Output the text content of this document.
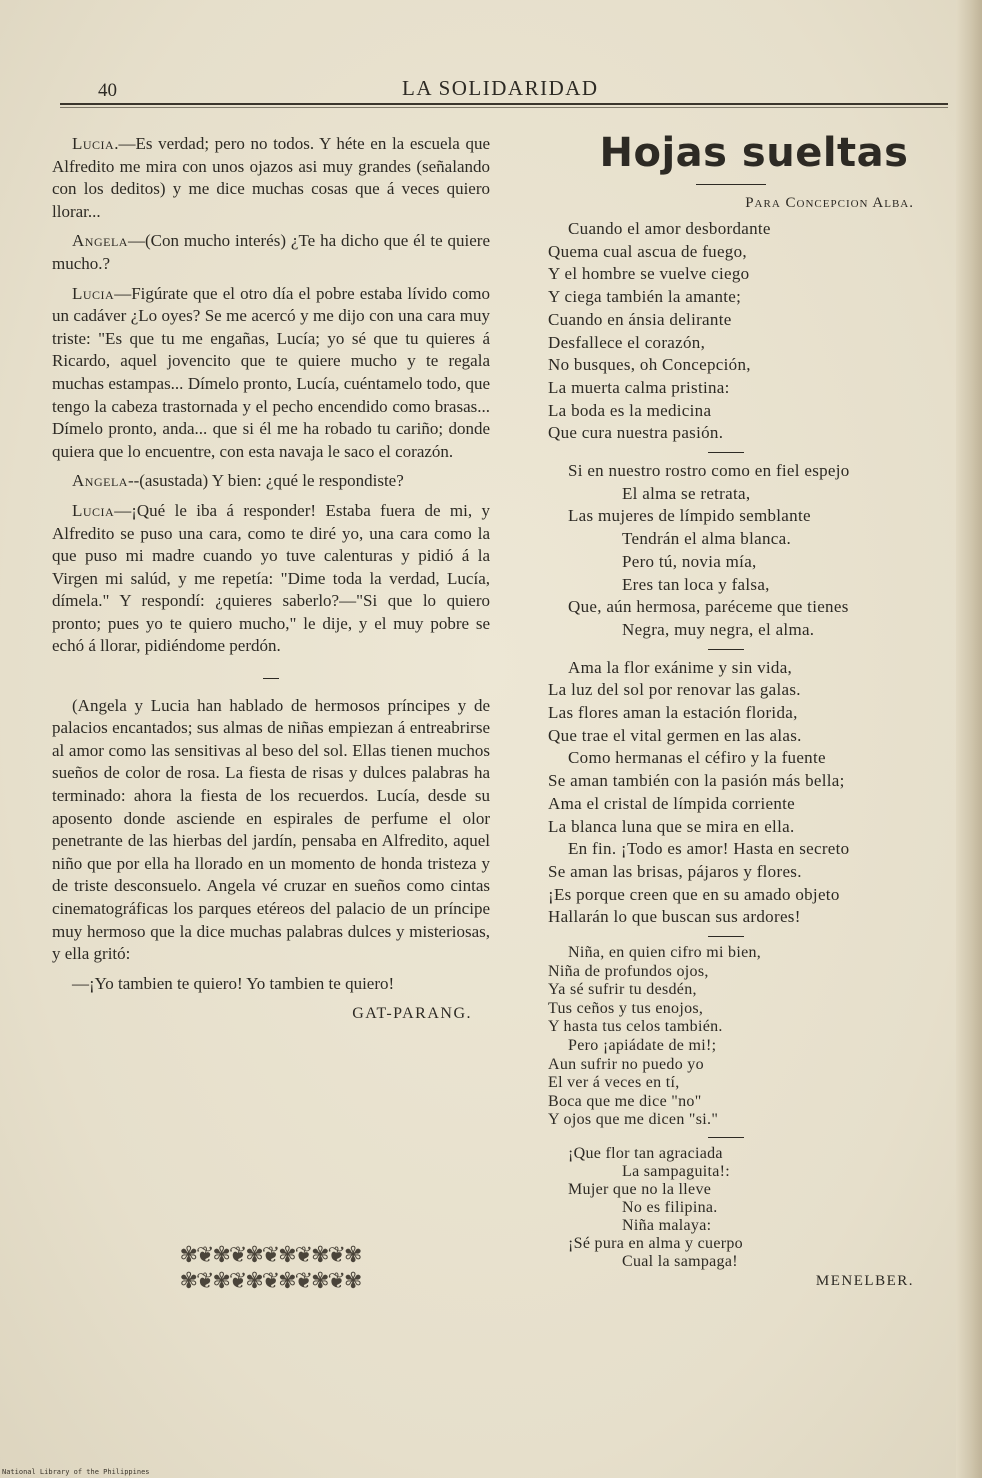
40	LA SOLIDARIDAD

Lucia.—Es verdad; pero no todos. Y héte en la escuela que Alfredito me mira con unos ojazos asi muy grandes (señalando con los deditos) y me dice muchas cosas que á veces quiero llorar...

Angela—(Con mucho interés) ¿Te ha dicho que él te quiere mucho.?

Lucia—Figúrate que el otro día el pobre estaba lívido como un cadáver ¿Lo oyes? Se me acercó y me dijo con una cara muy triste: "Es que tu me engañas, Lucía; yo sé que tu quieres á Ricardo, aquel jovencito que te quiere mucho y te regala muchas estampas... Dímelo pronto, Lucía, cuéntamelo todo, que tengo la cabeza trastornada y el pecho encendido como brasas... Dímelo pronto, anda... que si él me ha robado tu cariño; donde quiera que lo encuentre, con esta navaja le saco el corazón.

Angela--(asustada) Y bien: ¿qué le respondiste?

Lucia—¡Qué le iba á responder! Estaba fuera de mi, y Alfredito se puso una cara, como te diré yo, una cara como la que puso mi madre cuando yo tuve calenturas y pidió á la Virgen mi salúd, y me repetía: "Dime toda la verdad, Lucía, dímela." Y respondí: ¿quieres saberlo?—"Si que lo quiero pronto; pues yo te quiero mucho," le dije, y el muy pobre se echó á llorar, pidiéndome perdón.

(Angela y Lucia han hablado de hermosos príncipes y de palacios encantados; sus almas de niñas empiezan á entreabrirse al amor como las sensitivas al beso del sol. Ellas tienen muchos sueños de color de rosa. La fiesta de risas y dulces palabras ha terminado: ahora la fiesta de los recuerdos. Lucía, desde su aposento donde asciende en espirales de perfume el olor penetrante de las hierbas del jardín, pensaba en Alfredito, aquel niño que por ella ha llorado en un momento de honda tristeza y de triste desconsuelo. Angela vé cruzar en sueños como cintas cinematográficas los parques etéreos del palacio de un príncipe muy hermoso que la dice muchas palabras dulces y misteriosas, y ella gritó:

—¡Yo tambien te quiero! Yo tambien te quiero!

GAT-PARANG.
✾❦✾❦✾❦✾❦✾❦✾
✾❦✾❦✾❦✾❦✾❦✾
Hojas sueltas
Para Concepcion Alba.
Cuando el amor desbordante
Quema cual ascua de fuego,
Y el hombre se vuelve ciego
Y ciega también la amante;
Cuando en ánsia delirante
Desfallece el corazón,
No busques, oh Concepción,
La muerta calma pristina:
La boda es la medicina
Que cura nuestra pasión.
Si en nuestro rostro como en fiel espejo
El alma se retrata,
Las mujeres de límpido semblante
Tendrán el alma blanca.
Pero tú, novia mía,
Eres tan loca y falsa,
Que, aún hermosa, paréceme que tienes
Negra, muy negra, el alma.
Ama la flor exánime y sin vida,
La luz del sol por renovar las galas.
Las flores aman la estación florida,
Que trae el vital germen en las alas.
Como hermanas el céfiro y la fuente
Se aman también con la pasión más bella;
Ama el cristal de límpida corriente
La blanca luna que se mira en ella.
En fin. ¡Todo es amor! Hasta en secreto
Se aman las brisas, pájaros y flores.
¡Es porque creen que en su amado objeto
Hallarán lo que buscan sus ardores!
Niña, en quien cifro mi bien,
Niña de profundos ojos,
Ya sé sufrir tu desdén,
Tus ceños y tus enojos,
Y hasta tus celos también.
Pero ¡apiádate de mi!;
Aun sufrir no puedo yo
El ver á veces en tí,
Boca que me dice "no"
Y ojos que me dicen "si."
¡Que flor tan agraciada
La sampaguita!:
Mujer que no la lleve
No es filipina.
Niña malaya:
¡Sé pura en alma y cuerpo
Cual la sampaga!
MENELBER.
National Library of the Philippines
